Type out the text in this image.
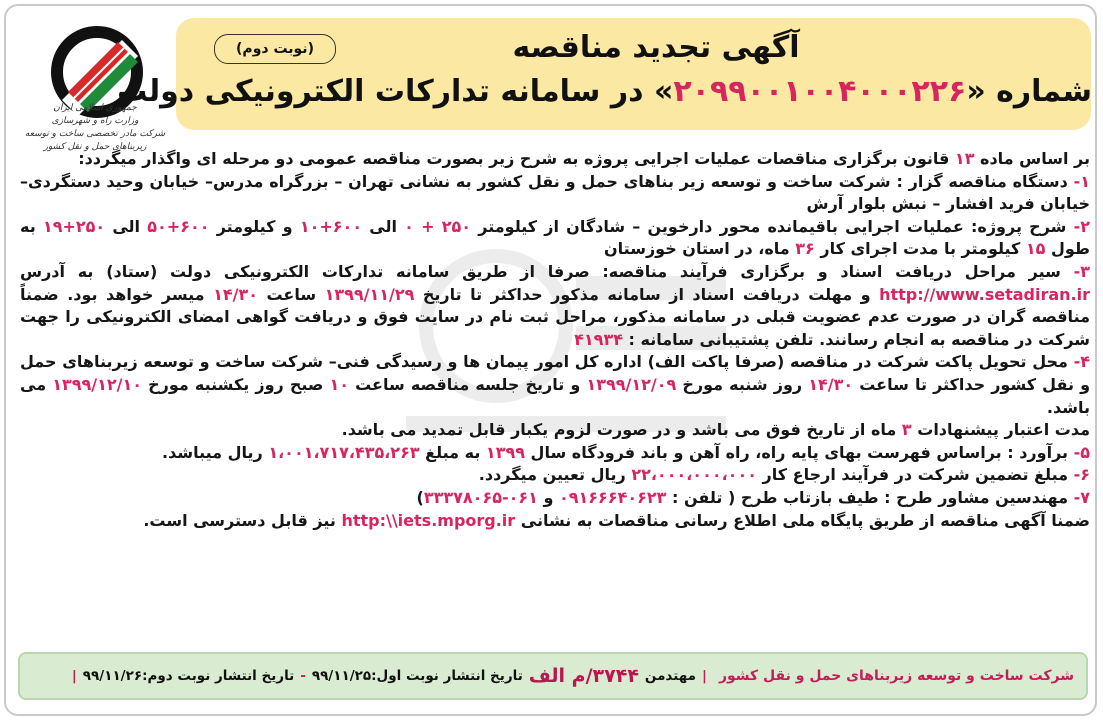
(نوبت دوم)	آگهی تجدید مناقصه
شماره «۲۰۹۹۰۰۱۰۰۴۰۰۰۲۲۶» در سامانه تدارکات الکترونیکی دولت
جمهوری اسلامی ایران
وزارت راه و شهرسازی
شرکت مادر تخصصی ساخت و توسعه زیربناهای حمل و نقل کشور

بر اساس ماده ۱۳ قانون برگزاری مناقصات عملیات اجرایی پروژه به شرح زیر بصورت مناقصه عمومی دو مرحله ای واگذار میگردد:

۱- دستگاه مناقصه گزار : شرکت ساخت و توسعه زیر بناهای حمل و نقل کشور به نشانی تهران – بزرگراه مدرس– خیابان وحید دستگردی– خیابان فرید افشار – نبش بلوار آرش

۲- شرح پروژه: عملیات اجرایی باقیمانده محور دارخوین – شادگان از کیلومتر ۲۵۰ + ۰ الی ۶۰۰+۱۰ و کیلومتر ۶۰۰+۵۰ الی ۲۵۰+۱۹ به طول ۱۵ کیلومتر با مدت اجرای کار ۳۶ ماه، در استان خوزستان

۳- سیر مراحل دریافت اسناد و برگزاری فرآیند مناقصه: صرفا از طریق سامانه تدارکات الکترونیکی دولت (ستاد) به آدرس http://www.setadiran.ir و مهلت دریافت اسناد از سامانه مذکور حداکثر تا تاریخ ۱۳۹۹/۱۱/۲۹ ساعت ۱۴/۳۰ میسر خواهد بود. ضمناً مناقصه گران در صورت عدم عضویت قبلی در سامانه مذکور، مراحل ثبت نام در سایت فوق و دریافت گواهی امضای الکترونیکی را جهت شرکت در مناقصه به انجام رسانند. تلفن پشتیبانی سامانه : ۴۱۹۳۴

۴- محل تحویل پاکت شرکت در مناقصه (صرفا پاکت الف) اداره کل امور پیمان ها و رسیدگی فنی– شرکت ساخت و توسعه زیربناهای حمل و نقل کشور حداکثر تا ساعت ۱۴/۳۰ روز شنبه مورخ ۱۳۹۹/۱۲/۰۹ و تاریخ جلسه مناقصه ساعت ۱۰ صبح روز یکشنبه مورخ ۱۳۹۹/۱۲/۱۰ می باشد.

مدت اعتبار پیشنهادات ۳ ماه از تاریخ فوق می باشد و در صورت لزوم یکبار قابل تمدید می باشد.

۵- برآورد : براساس فهرست بهای پایه راه، راه آهن و باند فرودگاه سال ۱۳۹۹ به مبلغ ۱،۰۰۱،۷۱۷،۴۳۵،۲۶۳ ریال میباشد.

۶- مبلغ تضمین شرکت در فرآیند ارجاع کار ۲۲،۰۰۰،۰۰۰،۰۰۰ ریال تعیین میگردد.

۷- مهندسین مشاور طرح : طیف بازتاب طرح ( تلفن : ۰۹۱۶۶۶۴۰۶۲۳ و ۰۶۱-۳۳۳۷۸۰۶۵)

ضمنا آگهی مناقصه از طریق پایگاه ملی اطلاع رسانی مناقصات به نشانی http:\\iets.mporg.ir نیز قابل دسترسی است.

شرکت ساخت و توسعه زیربناهای حمل و نقل کشور
|
مهتدمن
۳۷۴۴/م الف
تاریخ انتشار نوبت اول:۹۹/۱۱/۲۵
-
تاریخ انتشار نوبت دوم:۹۹/۱۱/۲۶
|
